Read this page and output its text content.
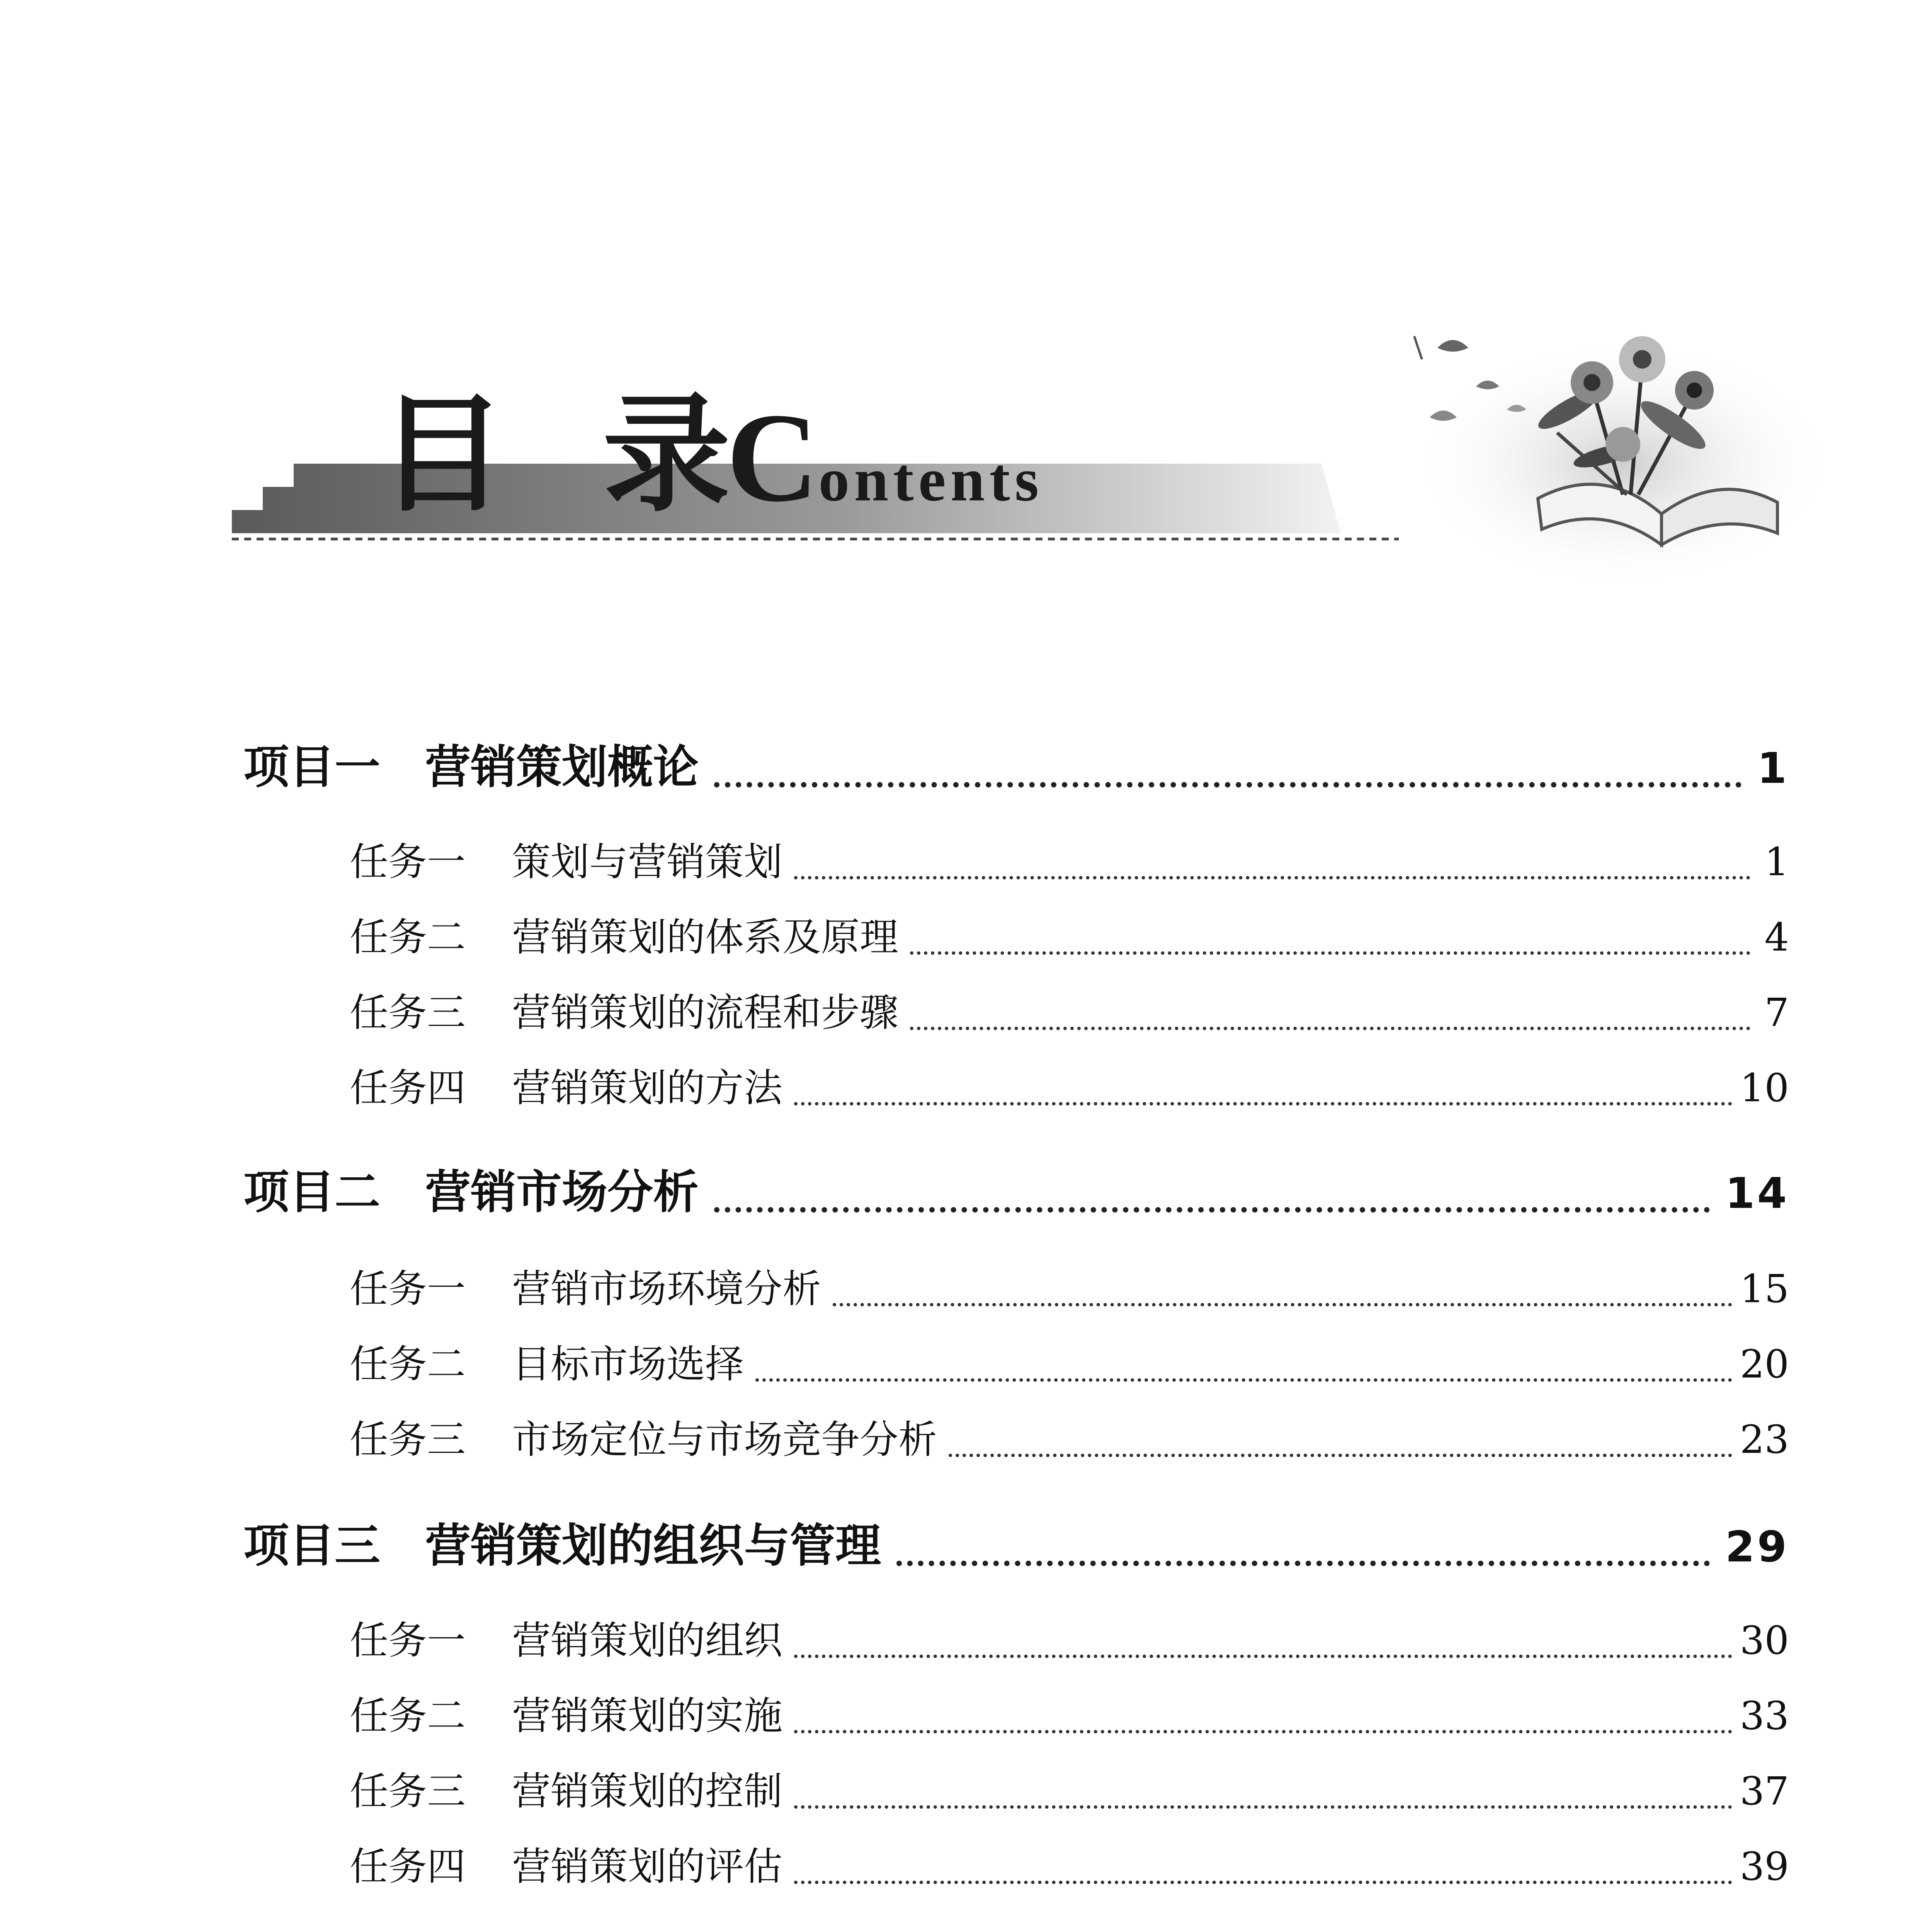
目 录
Contents
项目一 营销策划概论	1
任务一	策划与营销策划	1
任务二	营销策划的体系及原理	4
任务三	营销策划的流程和步骤	7
任务四	营销策划的方法	10
项目二 营销市场分析	14
任务一	营销市场环境分析	15
任务二	目标市场选择	20
任务三	市场定位与市场竞争分析	23
项目三 营销策划的组织与管理	29
任务一	营销策划的组织	30
任务二	营销策划的实施	33
任务三	营销策划的控制	37
任务四	营销策划的评估	39
